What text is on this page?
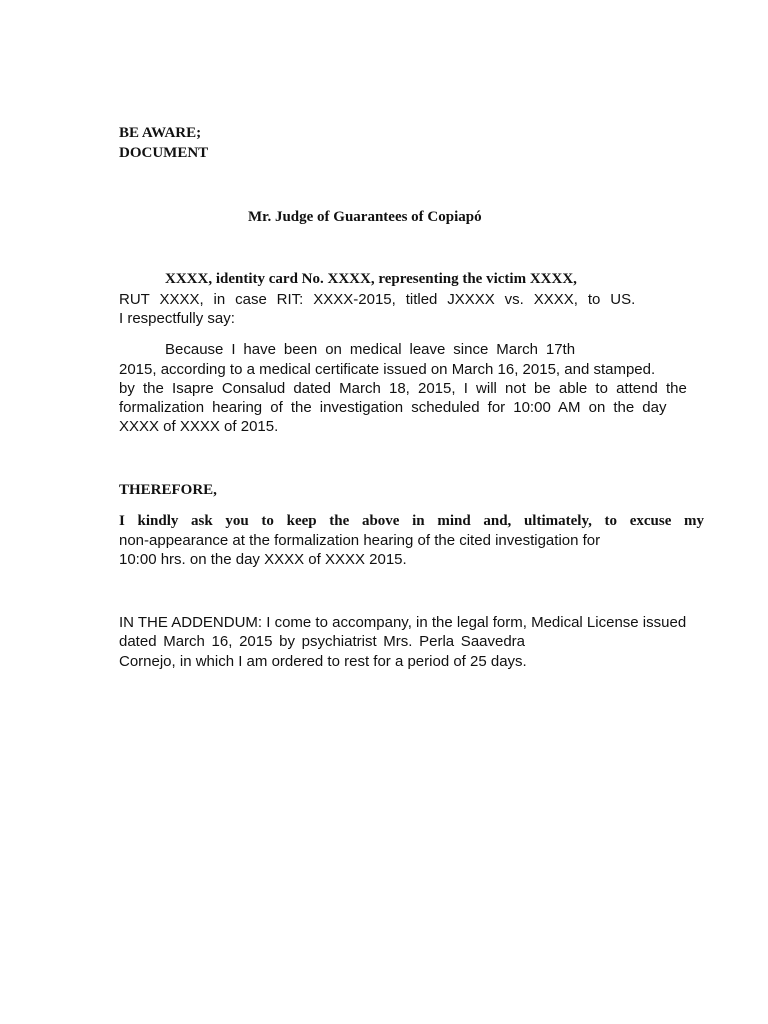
BE AWARE;

DOCUMENT

Mr. Judge of Guarantees of Copiapó

XXXX, identity card No. XXXX, representing the victim XXXX,

RUT XXXX, in case RIT: XXXX-2015, titled JXXXX vs. XXXX, to US.

I respectfully say:

Because I have been on medical leave since March 17th

2015, according to a medical certificate issued on March 16, 2015, and stamped.

by the Isapre Consalud dated March 18, 2015, I will not be able to attend the

formalization hearing of the investigation scheduled for 10:00 AM on the day

XXXX of XXXX of 2015.

THEREFORE,

I kindly ask you to keep the above in mind and, ultimately, to excuse my

non-appearance at the formalization hearing of the cited investigation for

10:00 hrs. on the day XXXX of XXXX 2015.

IN THE ADDENDUM: I come to accompany, in the legal form, Medical License issued

dated March 16, 2015 by psychiatrist Mrs. Perla Saavedra

Cornejo, in which I am ordered to rest for a period of 25 days.
